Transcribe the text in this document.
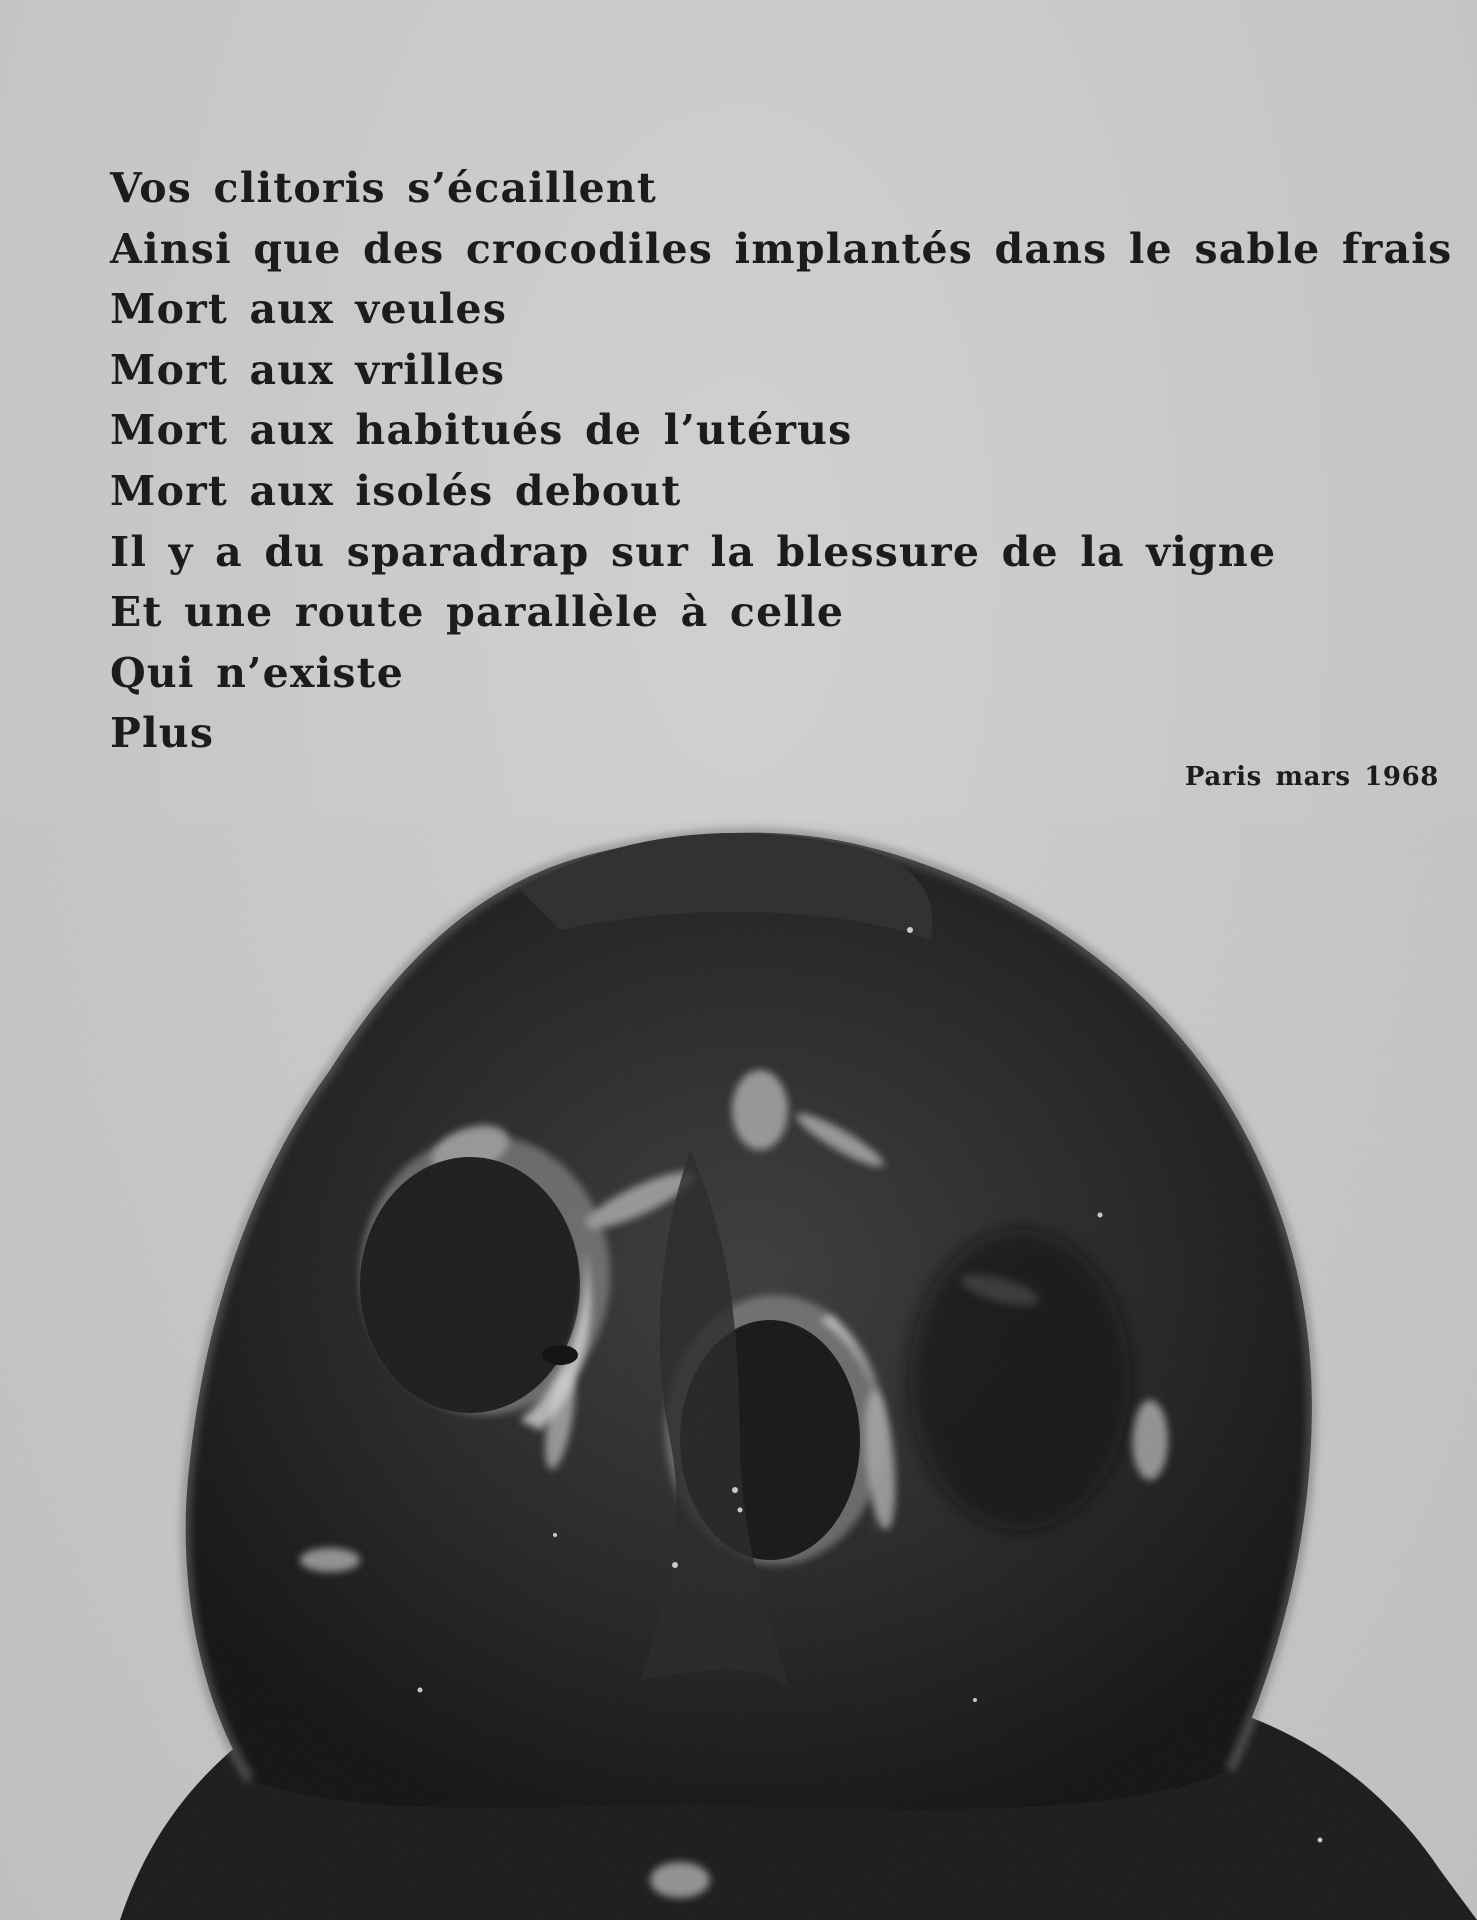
Vos clitoris s’écaillent
Ainsi que des crocodiles implantés dans le sable frais
Mort aux veules
Mort aux vrilles
Mort aux habitués de l’utérus
Mort aux isolés debout
Il y a du sparadrap sur la blessure de la vigne
Et une route parallèle à celle
Qui n’existe
Plus
Paris mars 1968
